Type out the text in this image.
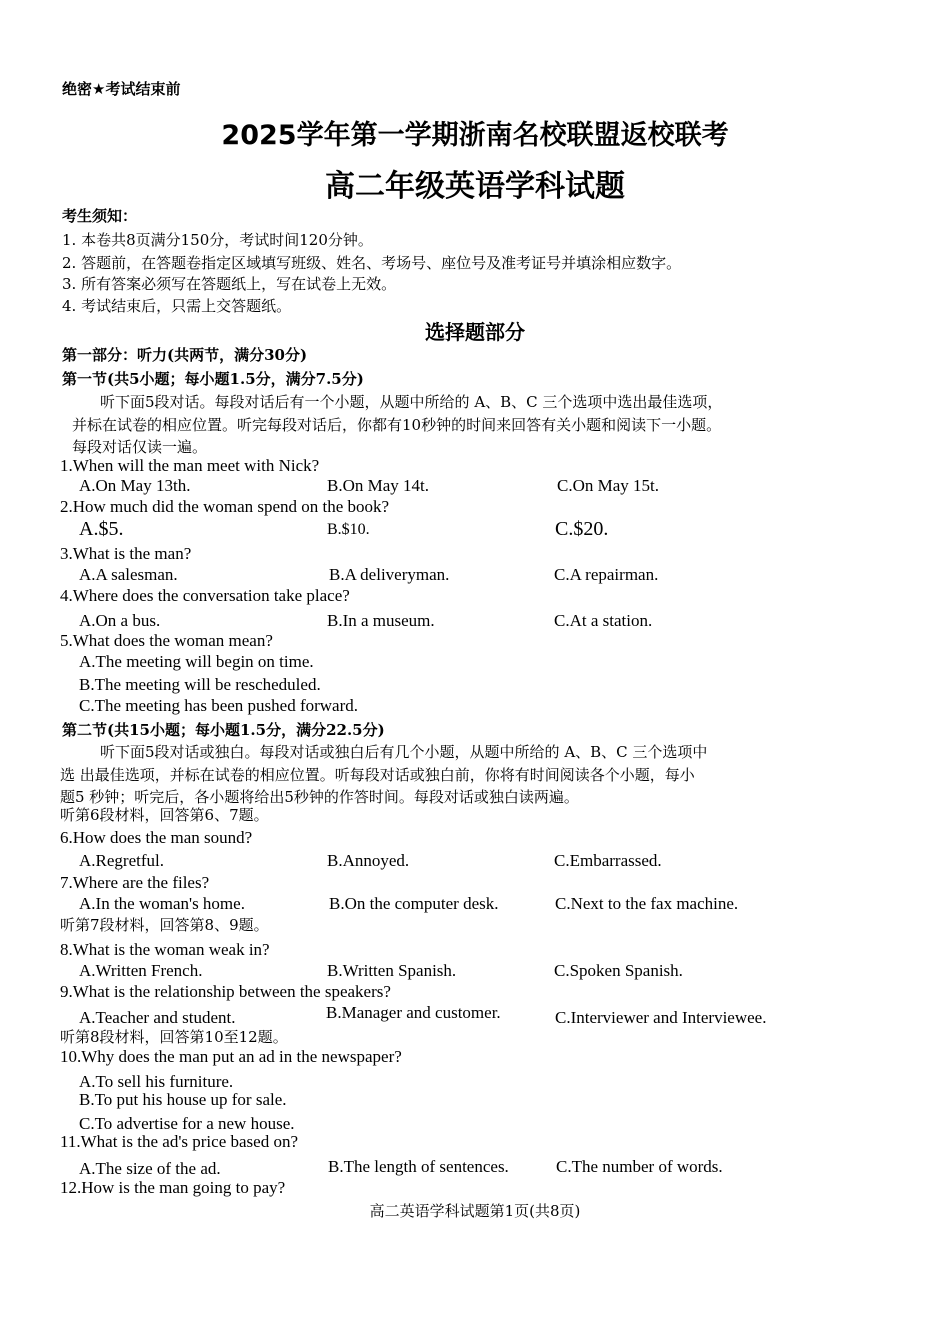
绝密★考试结束前
2025学年第一学期浙南名校联盟返校联考
高二年级英语学科试题
考生须知：
1. 本卷共8页满分150分，考试时间120分钟。
2. 答题前，在答题卷指定区域填写班级、姓名、考场号、座位号及准考证号并填涂相应数字。
3. 所有答案必须写在答题纸上，写在试卷上无效。
4. 考试结束后，只需上交答题纸。
选择题部分
第一部分：听力(共两节，满分30分)
第一节(共5小题；每小题1.5分，满分7.5分)
听下面5段对话。每段对话后有一个小题，从题中所给的 A、B、C 三个选项中选出最佳选项，
并标在试卷的相应位置。听完每段对话后，你都有10秒钟的时间来回答有关小题和阅读下一小题。
每段对话仅读一遍。
1.When will the man meet with Nick?
A.On May 13th.	B.On May 14t.	C.On May 15t.
2.How much did the woman spend on the book?
A.$5.	B.$10.	C.$20.
3.What is the man?
A.A salesman.	B.A deliveryman.	C.A repairman.
4.Where does the conversation take place?
A.On a bus.	B.In a museum.	C.At a station.
5.What does the woman mean?
A.The meeting will begin on time.
B.The meeting will be rescheduled.
C.The meeting has been pushed forward.
第二节(共15小题；每小题1.5分，满分22.5分)
听下面5段对话或独白。每段对话或独白后有几个小题，从题中所给的 A、B、C 三个选项中
选 出最佳选项，并标在试卷的相应位置。听每段对话或独白前，你将有时间阅读各个小题，每小
题5 秒钟；听完后，各小题将给出5秒钟的作答时间。每段对话或独白读两遍。
听第6段材料，回答第6、7题。
6.How does the man sound?
A.Regretful.	B.Annoyed.	C.Embarrassed.
7.Where are the files?
A.In the woman's home.	B.On the computer desk.	C.Next to the fax machine.
听第7段材料，回答第8、9题。
8.What is the woman weak in?
A.Written French.	B.Written Spanish.	C.Spoken Spanish.
9.What is the relationship between the speakers?
A.Teacher and student.	B.Manager and customer.	C.Interviewer and Interviewee.
听第8段材料，回答第10至12题。
10.Why does the man put an ad in the newspaper?
A.To sell his furniture.
B.To put his house up for sale.
C.To advertise for a new house.
11.What is the ad's price based on?
A.The size of the ad.	B.The length of sentences.	C.The number of words.
12.How is the man going to pay?
高二英语学科试题第1页(共8页)
